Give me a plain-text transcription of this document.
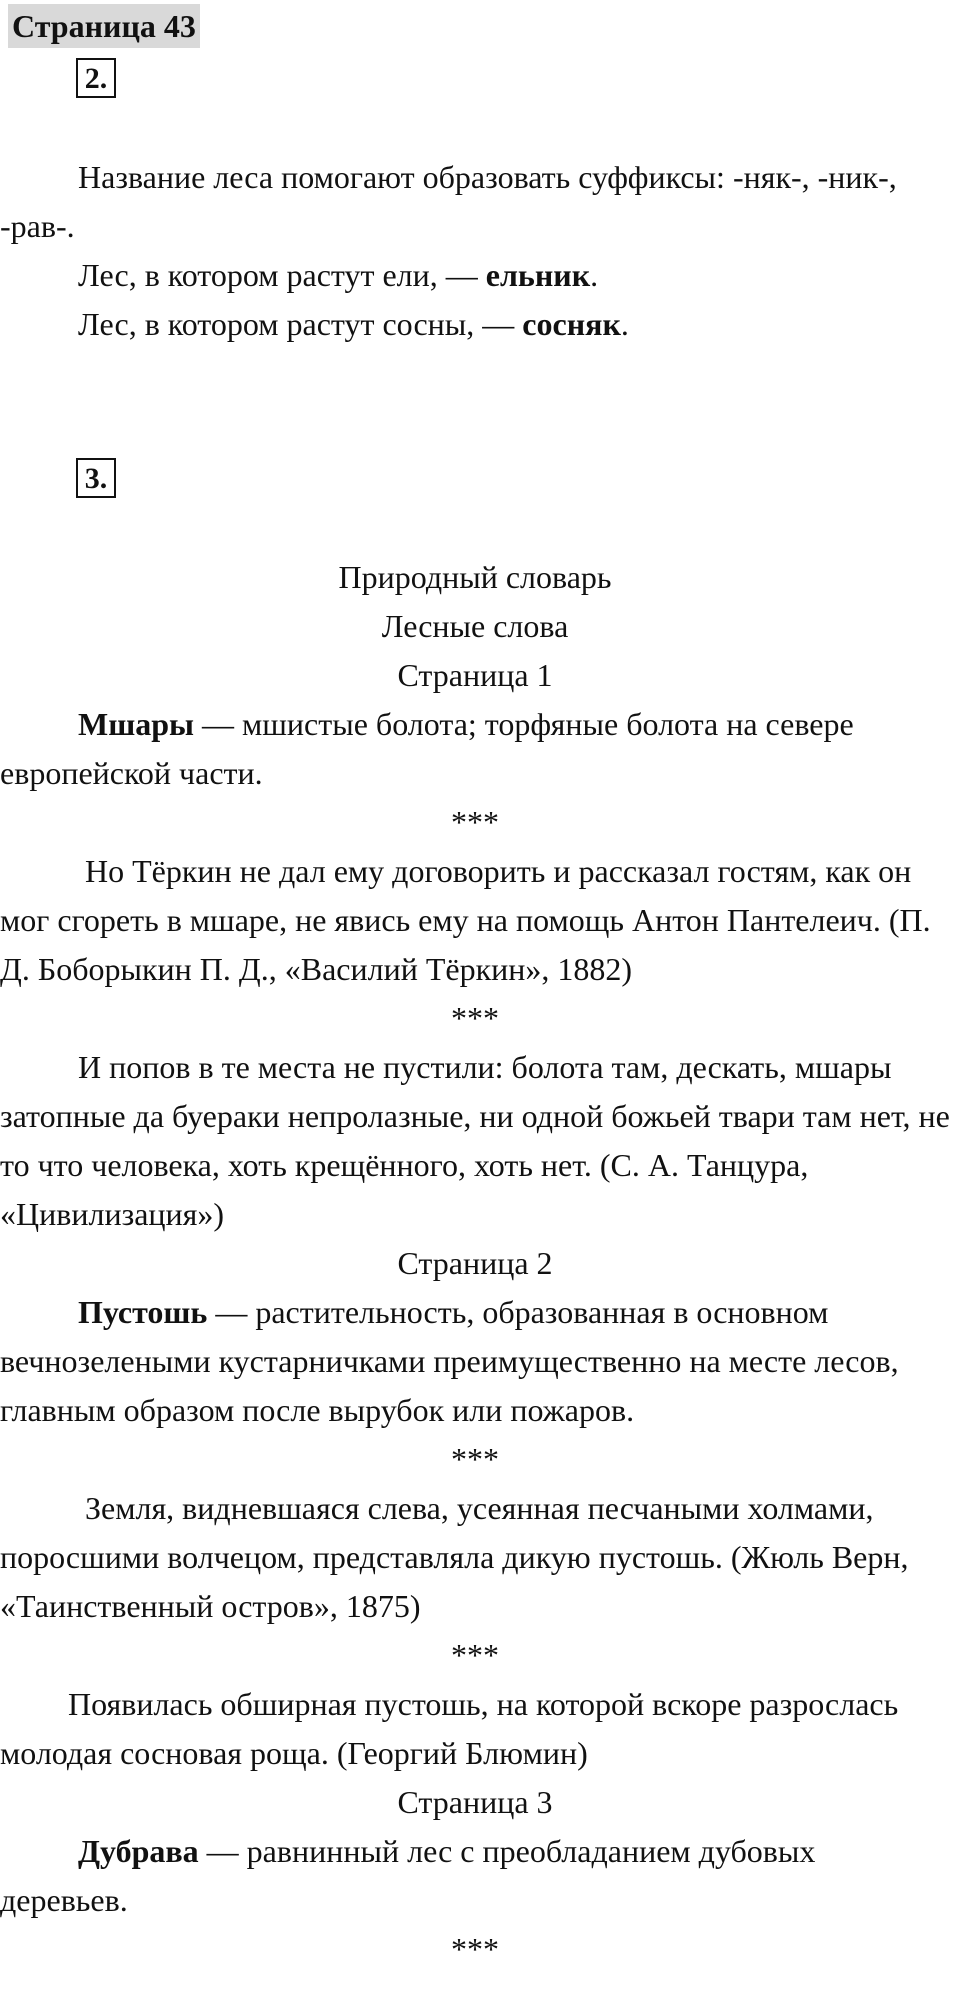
Страница 43
2.

Название леса помогают образовать суффиксы: -няк-, -ник-, -рав-.

Лес, в котором растут ели, — ельник.

Лес, в котором растут сосны, — сосняк.

3.

Природный словарь

Лесные слова

Страница 1

Мшары — мшистые болота; торфяные болота на севере европейской части.

***

Но Тёркин не дал ему договорить и рассказал гостям, как он мог сгореть в мшаре, не явись ему на помощь Антон Пантелеич. (П. Д. Боборыкин П. Д., «Василий Тёркин», 1882)

***

И попов в те места не пустили: болота там, дескать, мшары затопные да буераки непролазные, ни одной божьей твари там нет, не то что человека, хоть крещённого, хоть нет. (С. А. Танцура, «Цивилизация»)

Страница 2

Пустошь — растительность, образованная в основном вечнозелеными кустарничками преимущественно на месте лесов, главным образом после вырубок или пожаров.

***

Земля, видневшаяся слева, усеянная песчаными холмами, поросшими волчецом, представляла дикую пустошь. (Жюль Верн, «Таинственный остров», 1875)

***

Появилась обширная пустошь, на которой вскоре разрослась молодая сосновая роща. (Георгий Блюмин)

Страница 3

Дубрава — равнинный лес с преобладанием дубовых деревьев.

***
